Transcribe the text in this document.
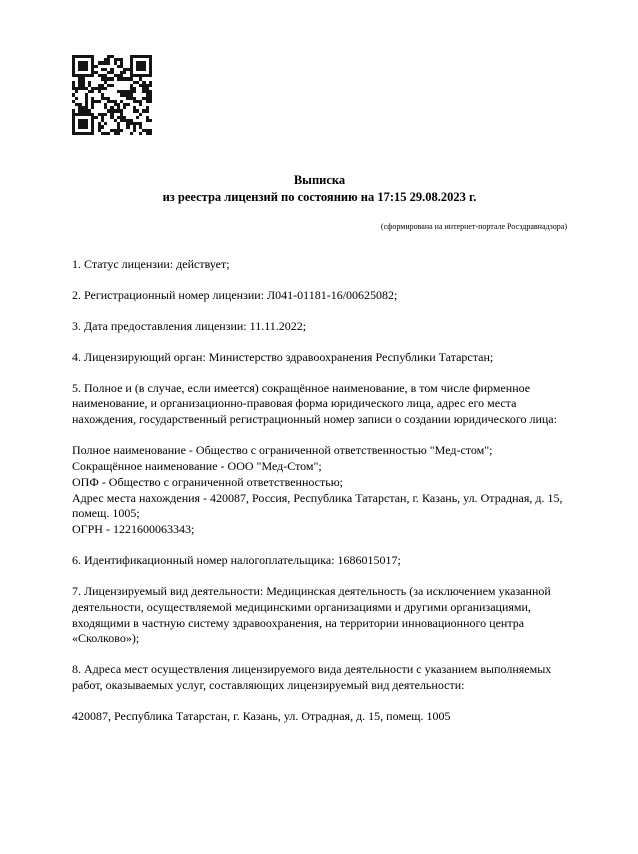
Выписка
из реестра лицензий по состоянию на 17:15 29.08.2023 г.
(сформирована на интернет-портале Росздравнадзора)

1. Статус лицензии: действует;

2. Регистрационный номер лицензии: Л041-01181-16/00625082;

3. Дата предоставления лицензии: 11.11.2022;

4. Лицензирующий орган: Министерство здравоохранения Республики Татарстан;

5. Полное и (в случае, если имеется) сокращённое наименование, в том числе фирменное наименование, и организационно-правовая форма юридического лица, адрес его места нахождения, государственный регистрационный номер записи о создании юридического лица:

Полное наименование - Общество с ограниченной ответственностью "Мед-стом";
Сокращённое наименование - ООО "Мед-Стом";
ОПФ - Общество с ограниченной ответственностью;
Адрес места нахождения - 420087, Россия, Республика Татарстан, г. Казань, ул. Отрадная, д. 15, помещ. 1005;
ОГРН - 1221600063343;

6. Идентификационный номер налогоплательщика: 1686015017;

7. Лицензируемый вид деятельности: Медицинская деятельность (за исключением указанной деятельности, осуществляемой медицинскими организациями и другими организациями, входящими в частную систему здравоохранения, на территории инновационного центра «Сколково»);

8. Адреса мест осуществления лицензируемого вида деятельности с указанием выполняемых работ, оказываемых услуг, составляющих лицензируемый вид деятельности:

420087, Республика Татарстан, г. Казань, ул. Отрадная, д. 15, помещ. 1005
